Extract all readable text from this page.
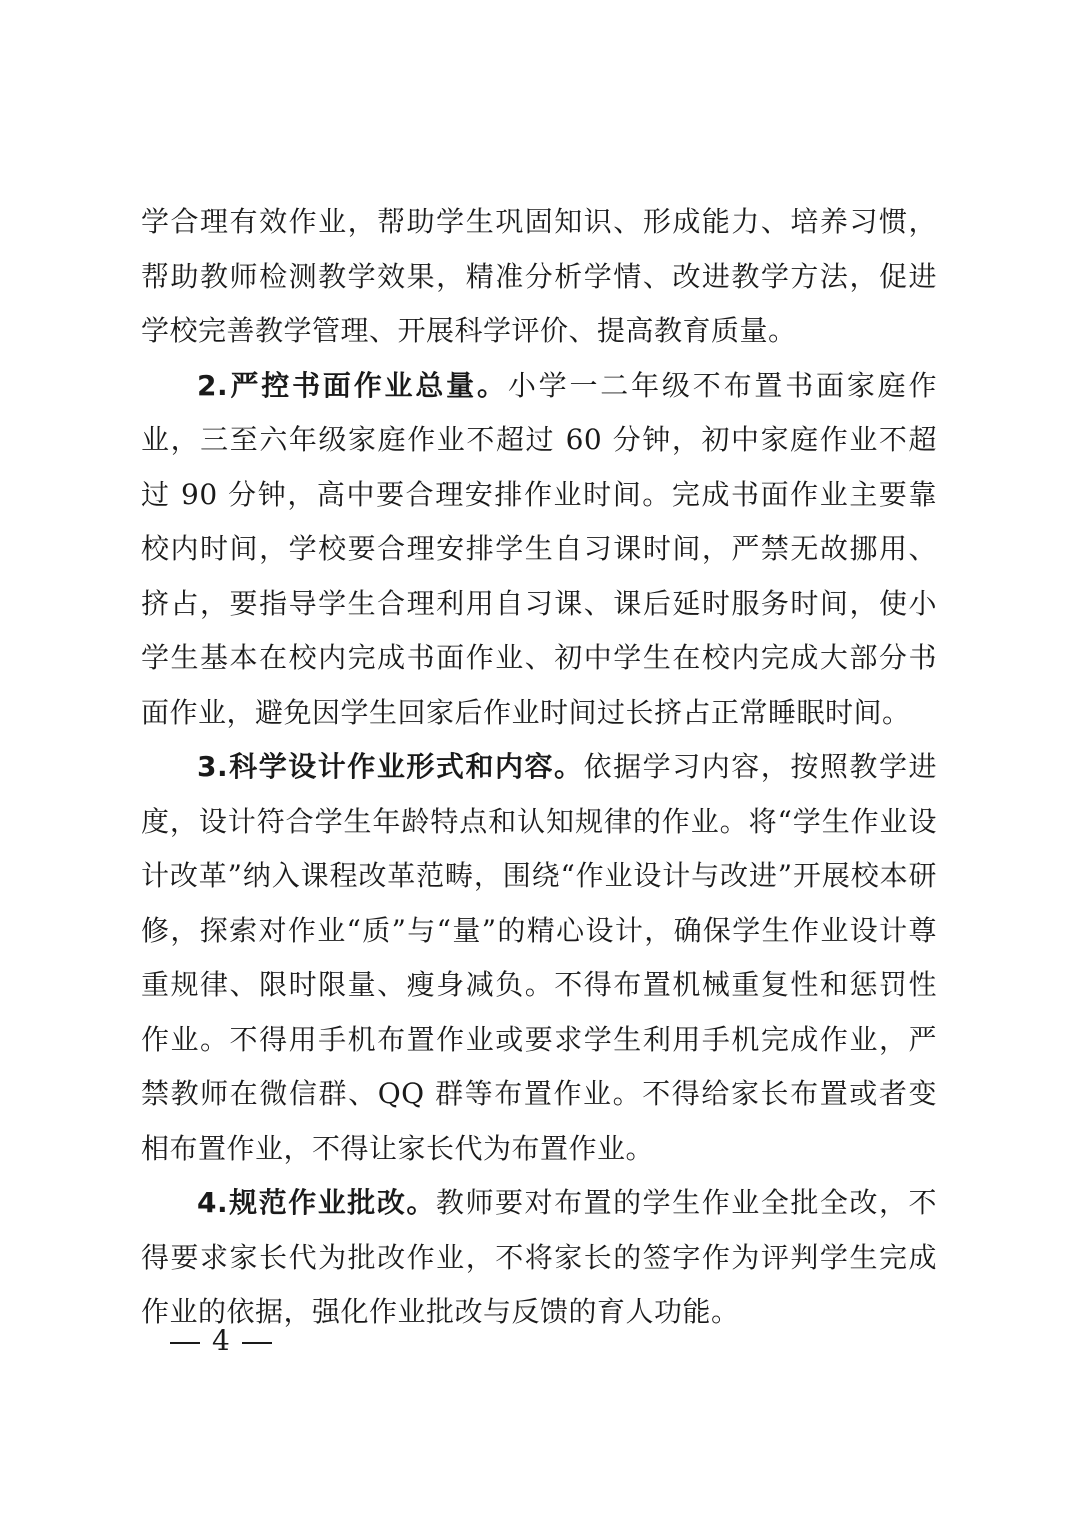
学合理有效作业，帮助学生巩固知识、形成能力、培养习惯，帮助教师检测教学效果，精准分析学情、改进教学方法，促进学校完善教学管理、开展科学评价、提高教育质量。

2.严控书面作业总量。小学一二年级不布置书面家庭作业，三至六年级家庭作业不超过 60 分钟，初中家庭作业不超过 90 分钟，高中要合理安排作业时间。完成书面作业主要靠校内时间，学校要合理安排学生自习课时间，严禁无故挪用、挤占，要指导学生合理利用自习课、课后延时服务时间，使小学生基本在校内完成书面作业、初中学生在校内完成大部分书面作业，避免因学生回家后作业时间过长挤占正常睡眠时间。

3.科学设计作业形式和内容。依据学习内容，按照教学进度，设计符合学生年龄特点和认知规律的作业。将“学生作业设计改革”纳入课程改革范畴，围绕“作业设计与改进”开展校本研修，探索对作业“质”与“量”的精心设计，确保学生作业设计尊重规律、限时限量、瘦身减负。不得布置机械重复性和惩罚性作业。不得用手机布置作业或要求学生利用手机完成作业，严禁教师在微信群、QQ 群等布置作业。不得给家长布置或者变相布置作业，不得让家长代为布置作业。

4.规范作业批改。教师要对布置的学生作业全批全改，不得要求家长代为批改作业，不将家长的签字作为评判学生完成作业的依据，强化作业批改与反馈的育人功能。

4
